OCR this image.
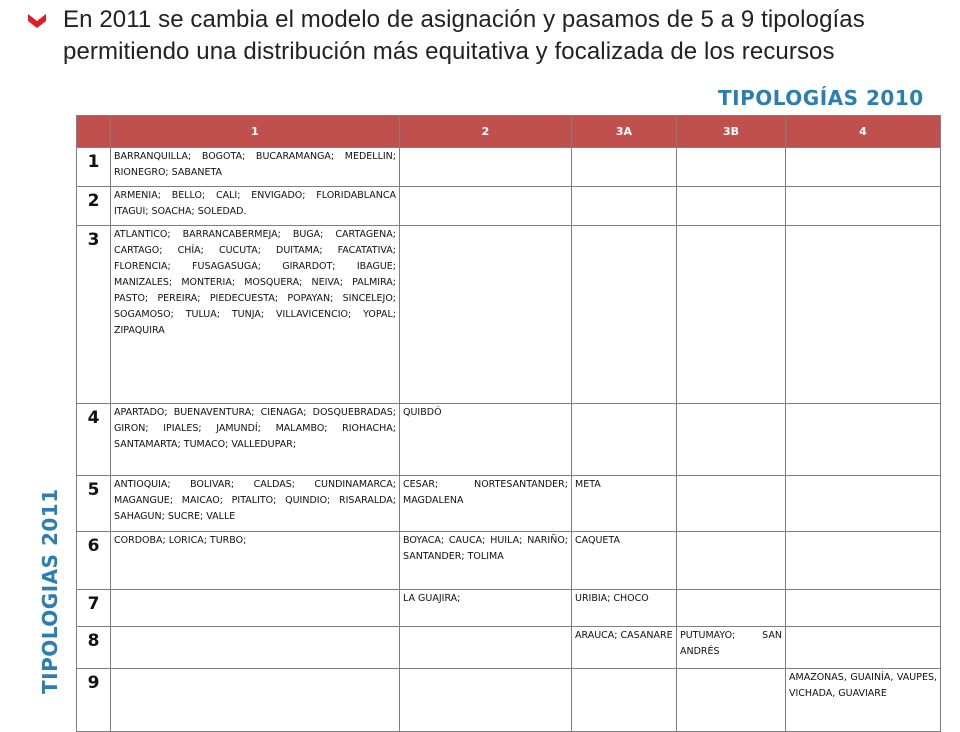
En 2011 se cambia el modelo de asignación y pasamos de 5 a 9 tipologías permitiendo una distribución más equitativa y focalizada de los recursos
TIPOLOGÍAS 2010
TIPOLOGIAS 2011
	1	2	3A	3B	4
1	BARRANQUILLA; BOGOTA; BUCARAMANGA; MEDELLIN; RIONEGRO; SABANETA				
2	ARMENIA; BELLO; CALI; ENVIGADO; FLORIDABLANCA ITAGUI; SOACHA; SOLEDAD.				
3	ATLANTICO; BARRANCABERMEJA; BUGA; CARTAGENA; CARTAGO; CHÍA; CUCUTA; DUITAMA; FACATATIVA; FLORENCIA; FUSAGASUGA; GIRARDOT; IBAGUE; MANIZALES; MONTERIA; MOSQUERA; NEIVA; PALMIRA; PASTO; PEREIRA; PIEDECUESTA; POPAYAN; SINCELEJO; SOGAMOSO; TULUA; TUNJA; VILLAVICENCIO; YOPAL; ZIPAQUIRA				
4	APARTADO; BUENAVENTURA; CIENAGA; DOSQUEBRADAS; GIRON; IPIALES; JAMUNDÍ; MALAMBO; RIOHACHA; SANTAMARTA; TUMACO; VALLEDUPAR;	QUIBDÓ			
5	ANTIOQUIA; BOLIVAR; CALDAS; CUNDINAMARCA; MAGANGUE; MAICAO; PITALITO; QUINDIO; RISARALDA; SAHAGUN; SUCRE; VALLE	CESAR; NORTESANTANDER; MAGDALENA	META		
6	CORDOBA; LORICA; TURBO;	BOYACA; CAUCA; HUILA; NARIÑO; SANTANDER; TOLIMA	CAQUETA		
7		LA GUAJIRA;	URIBIA; CHOCO		
8			ARAUCA; CASANARE	PUTUMAYO; SAN ANDRÉS	
9					AMAZONAS, GUAINÍA, VAUPES, VICHADA, GUAVIARE
